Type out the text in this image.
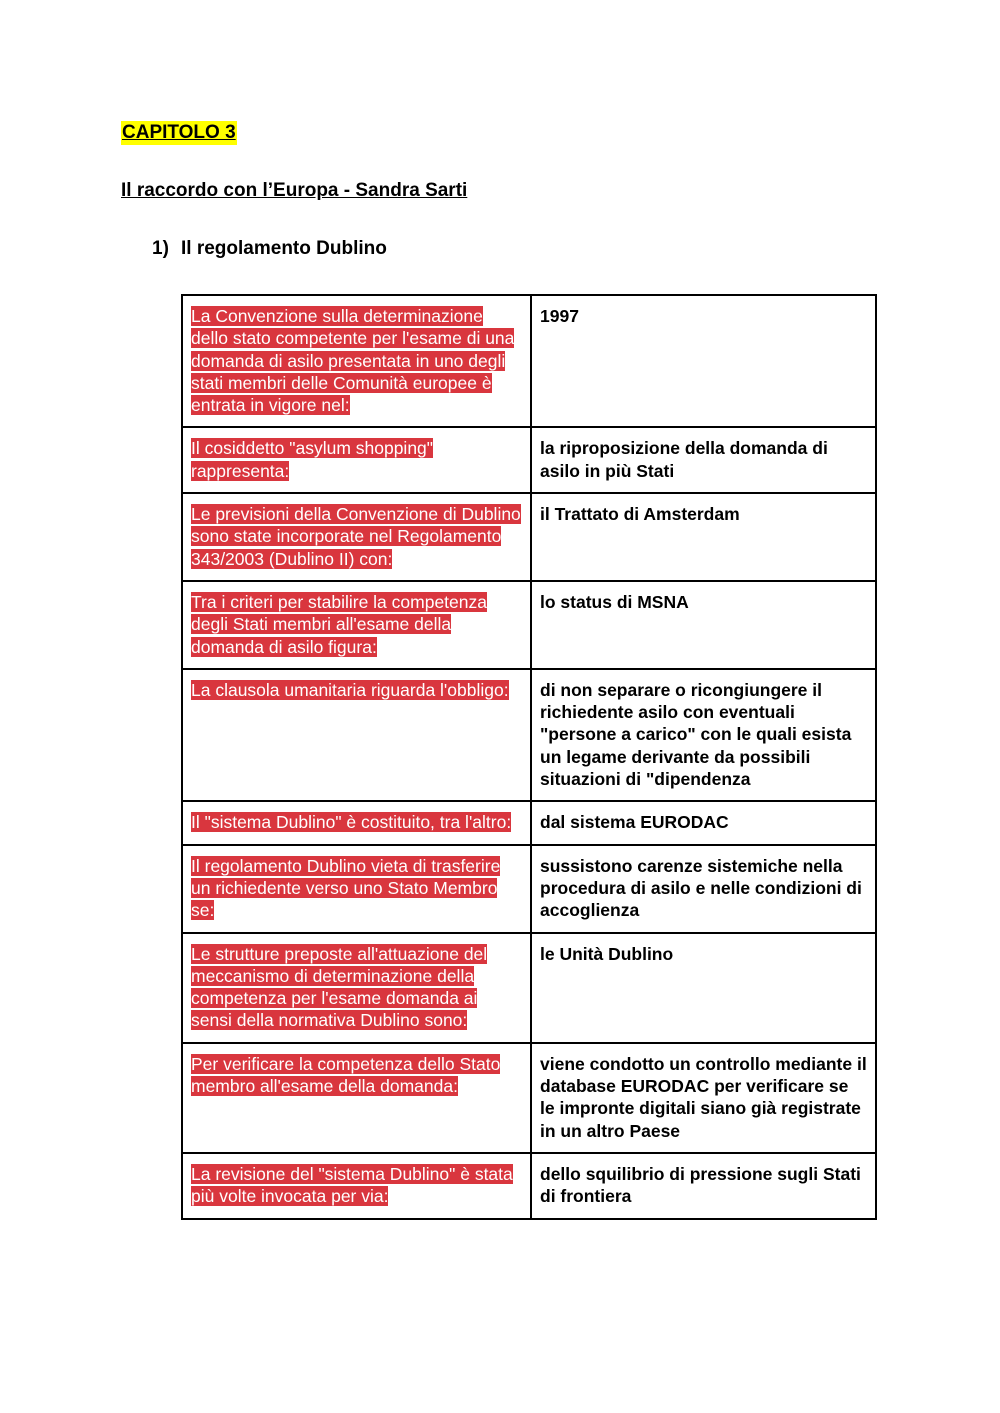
CAPITOLO 3
Il raccordo con l’Europa - Sandra Sarti
1) Il regolamento Dublino
La Convenzione sulla determinazione dello stato competente per l'esame di una domanda di asilo presentata in uno degli stati membri delle Comunità europee è entrata in vigore nel:	1997
Il cosiddetto "asylum shopping" rappresenta:	la riproposizione della domanda di asilo in più Stati
Le previsioni della Convenzione di Dublino sono state incorporate nel Regolamento 343/2003 (Dublino II) con:	il Trattato di Amsterdam
Tra i criteri per stabilire la competenza degli Stati membri all'esame della domanda di asilo figura:	lo status di MSNA
La clausola umanitaria riguarda l'obbligo:	di non separare o ricongiungere il richiedente asilo con eventuali "persone a carico" con le quali esista un legame derivante da possibili situazioni di "dipendenza
Il "sistema Dublino" è costituito, tra l'altro:	dal sistema EURODAC
Il regolamento Dublino vieta di trasferire un richiedente verso uno Stato Membro se:	sussistono carenze sistemiche nella procedura di asilo e nelle condizioni di accoglienza
Le strutture preposte all'attuazione del meccanismo di determinazione della competenza per l'esame domanda ai sensi della normativa Dublino sono:	le Unità Dublino
Per verificare la competenza dello Stato membro all'esame della domanda:	viene condotto un controllo mediante il database EURODAC per verificare se le impronte digitali siano già registrate in un altro Paese
La revisione del "sistema Dublino" è stata più volte invocata per via:	dello squilibrio di pressione sugli Stati di frontiera
